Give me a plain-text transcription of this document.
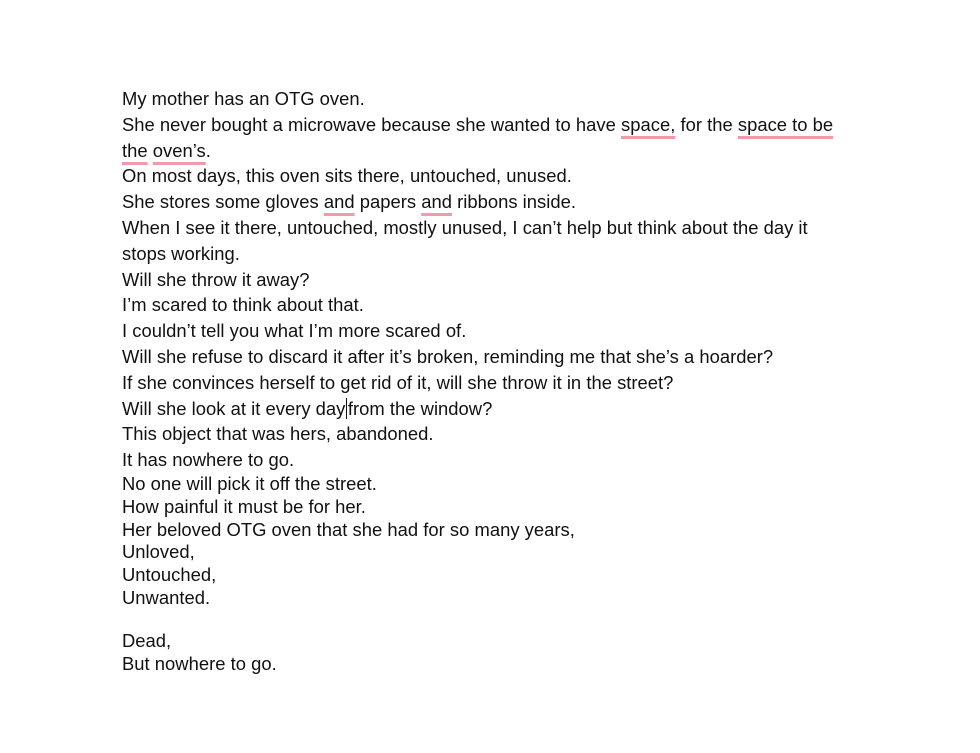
My mother has an OTG oven.
She never bought a microwave because she wanted to have space, for the space to be
the oven’s.
On most days, this oven sits there, untouched, unused.
She stores some gloves and papers and ribbons inside.
When I see it there, untouched, mostly unused, I can’t help but think about the day it
stops working.
Will she throw it away?
I’m scared to think about that.
I couldn’t tell you what I’m more scared of.
Will she refuse to discard it after it’s broken, reminding me that she’s a hoarder?
If she convinces herself to get rid of it, will she throw it in the street?
Will she look at it every day from the window?
This object that was hers, abandoned.
It has nowhere to go.
No one will pick it off the street.
How painful it must be for her.
Her beloved OTG oven that she had for so many years,
Unloved,
Untouched,
Unwanted.
Dead,
But nowhere to go.
